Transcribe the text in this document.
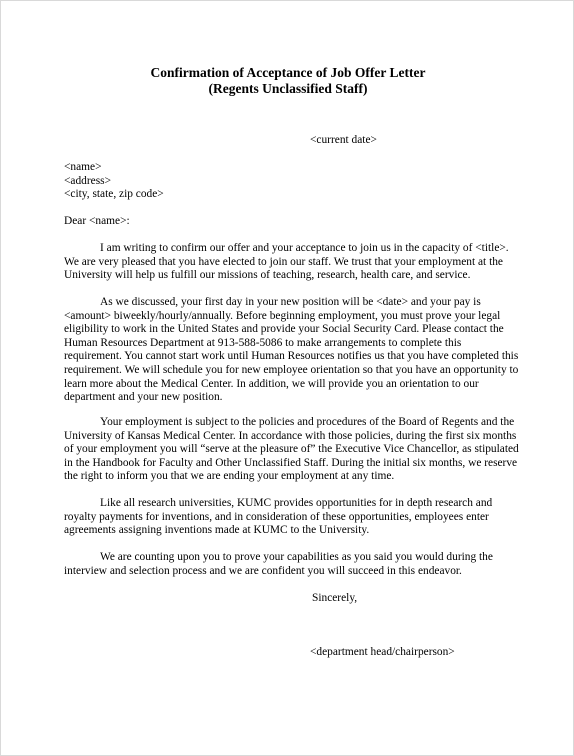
Confirmation of Acceptance of Job Offer Letter
(Regents Unclassified Staff)
<current date>
<name>
<address>
<city, state, zip code>
Dear <name>:
I am writing to confirm our offer and your acceptance to join us in the capacity of <title>. We are very pleased that you have elected to join our staff. We trust that your employment at the University will help us fulfill our missions of teaching, research, health care, and service.
As we discussed, your first day in your new position will be <date> and your pay is <amount> biweekly/hourly/annually. Before beginning employment, you must prove your legal eligibility to work in the United States and provide your Social Security Card. Please contact the Human Resources Department at 913-588-5086 to make arrangements to complete this requirement. You cannot start work until Human Resources notifies us that you have completed this requirement. We will schedule you for new employee orientation so that you have an opportunity to learn more about the Medical Center. In addition, we will provide you an orientation to our department and your new position.
Your employment is subject to the policies and procedures of the Board of Regents and the University of Kansas Medical Center. In accordance with those policies, during the first six months of your employment you will “serve at the pleasure of” the Executive Vice Chancellor, as stipulated in the Handbook for Faculty and Other Unclassified Staff. During the initial six months, we reserve the right to inform you that we are ending your employment at any time.
Like all research universities, KUMC provides opportunities for in depth research and royalty payments for inventions, and in consideration of these opportunities, employees enter agreements assigning inventions made at KUMC to the University.
We are counting upon you to prove your capabilities as you said you would during the interview and selection process and we are confident you will succeed in this endeavor.
Sincerely,
<department head/chairperson>
